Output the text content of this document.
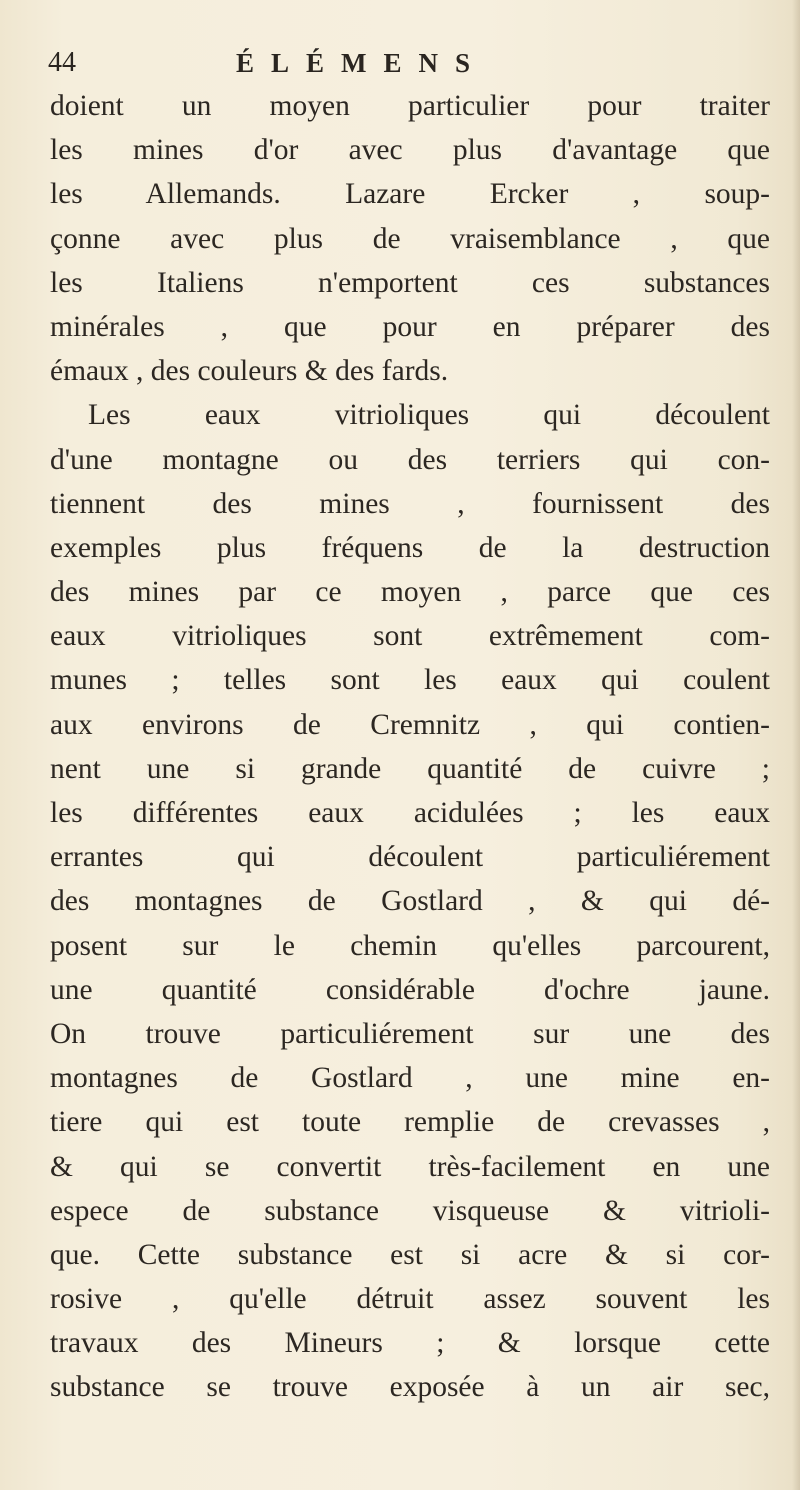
44	ÉLÉMENS
doient un moyen particulier pour traiter
les mines d'or avec plus d'avantage que
les Allemands. Lazare Ercker , soup-
çonne avec plus de vraisemblance , que
les Italiens n'emportent ces substances
minérales , que pour en préparer des
émaux , des couleurs & des fards.
Les eaux vitrioliques qui découlent
d'une montagne ou des terriers qui con-
tiennent des mines , fournissent des
exemples plus fréquens de la destruction
des mines par ce moyen , parce que ces
eaux vitrioliques sont extrêmement com-
munes ; telles sont les eaux qui coulent
aux environs de Cremnitz , qui contien-
nent une si grande quantité de cuivre ;
les différentes eaux acidulées ; les eaux
errantes qui découlent particuliérement
des montagnes de Gostlard , & qui dé-
posent sur le chemin qu'elles parcourent,
une quantité considérable d'ochre jaune.
On trouve particuliérement sur une des
montagnes de Gostlard , une mine en-
tiere qui est toute remplie de crevasses ,
& qui se convertit très-facilement en une
espece de substance visqueuse & vitrioli-
que. Cette substance est si acre & si cor-
rosive , qu'elle détruit assez souvent les
travaux des Mineurs ; & lorsque cette
substance se trouve exposée à un air sec,
